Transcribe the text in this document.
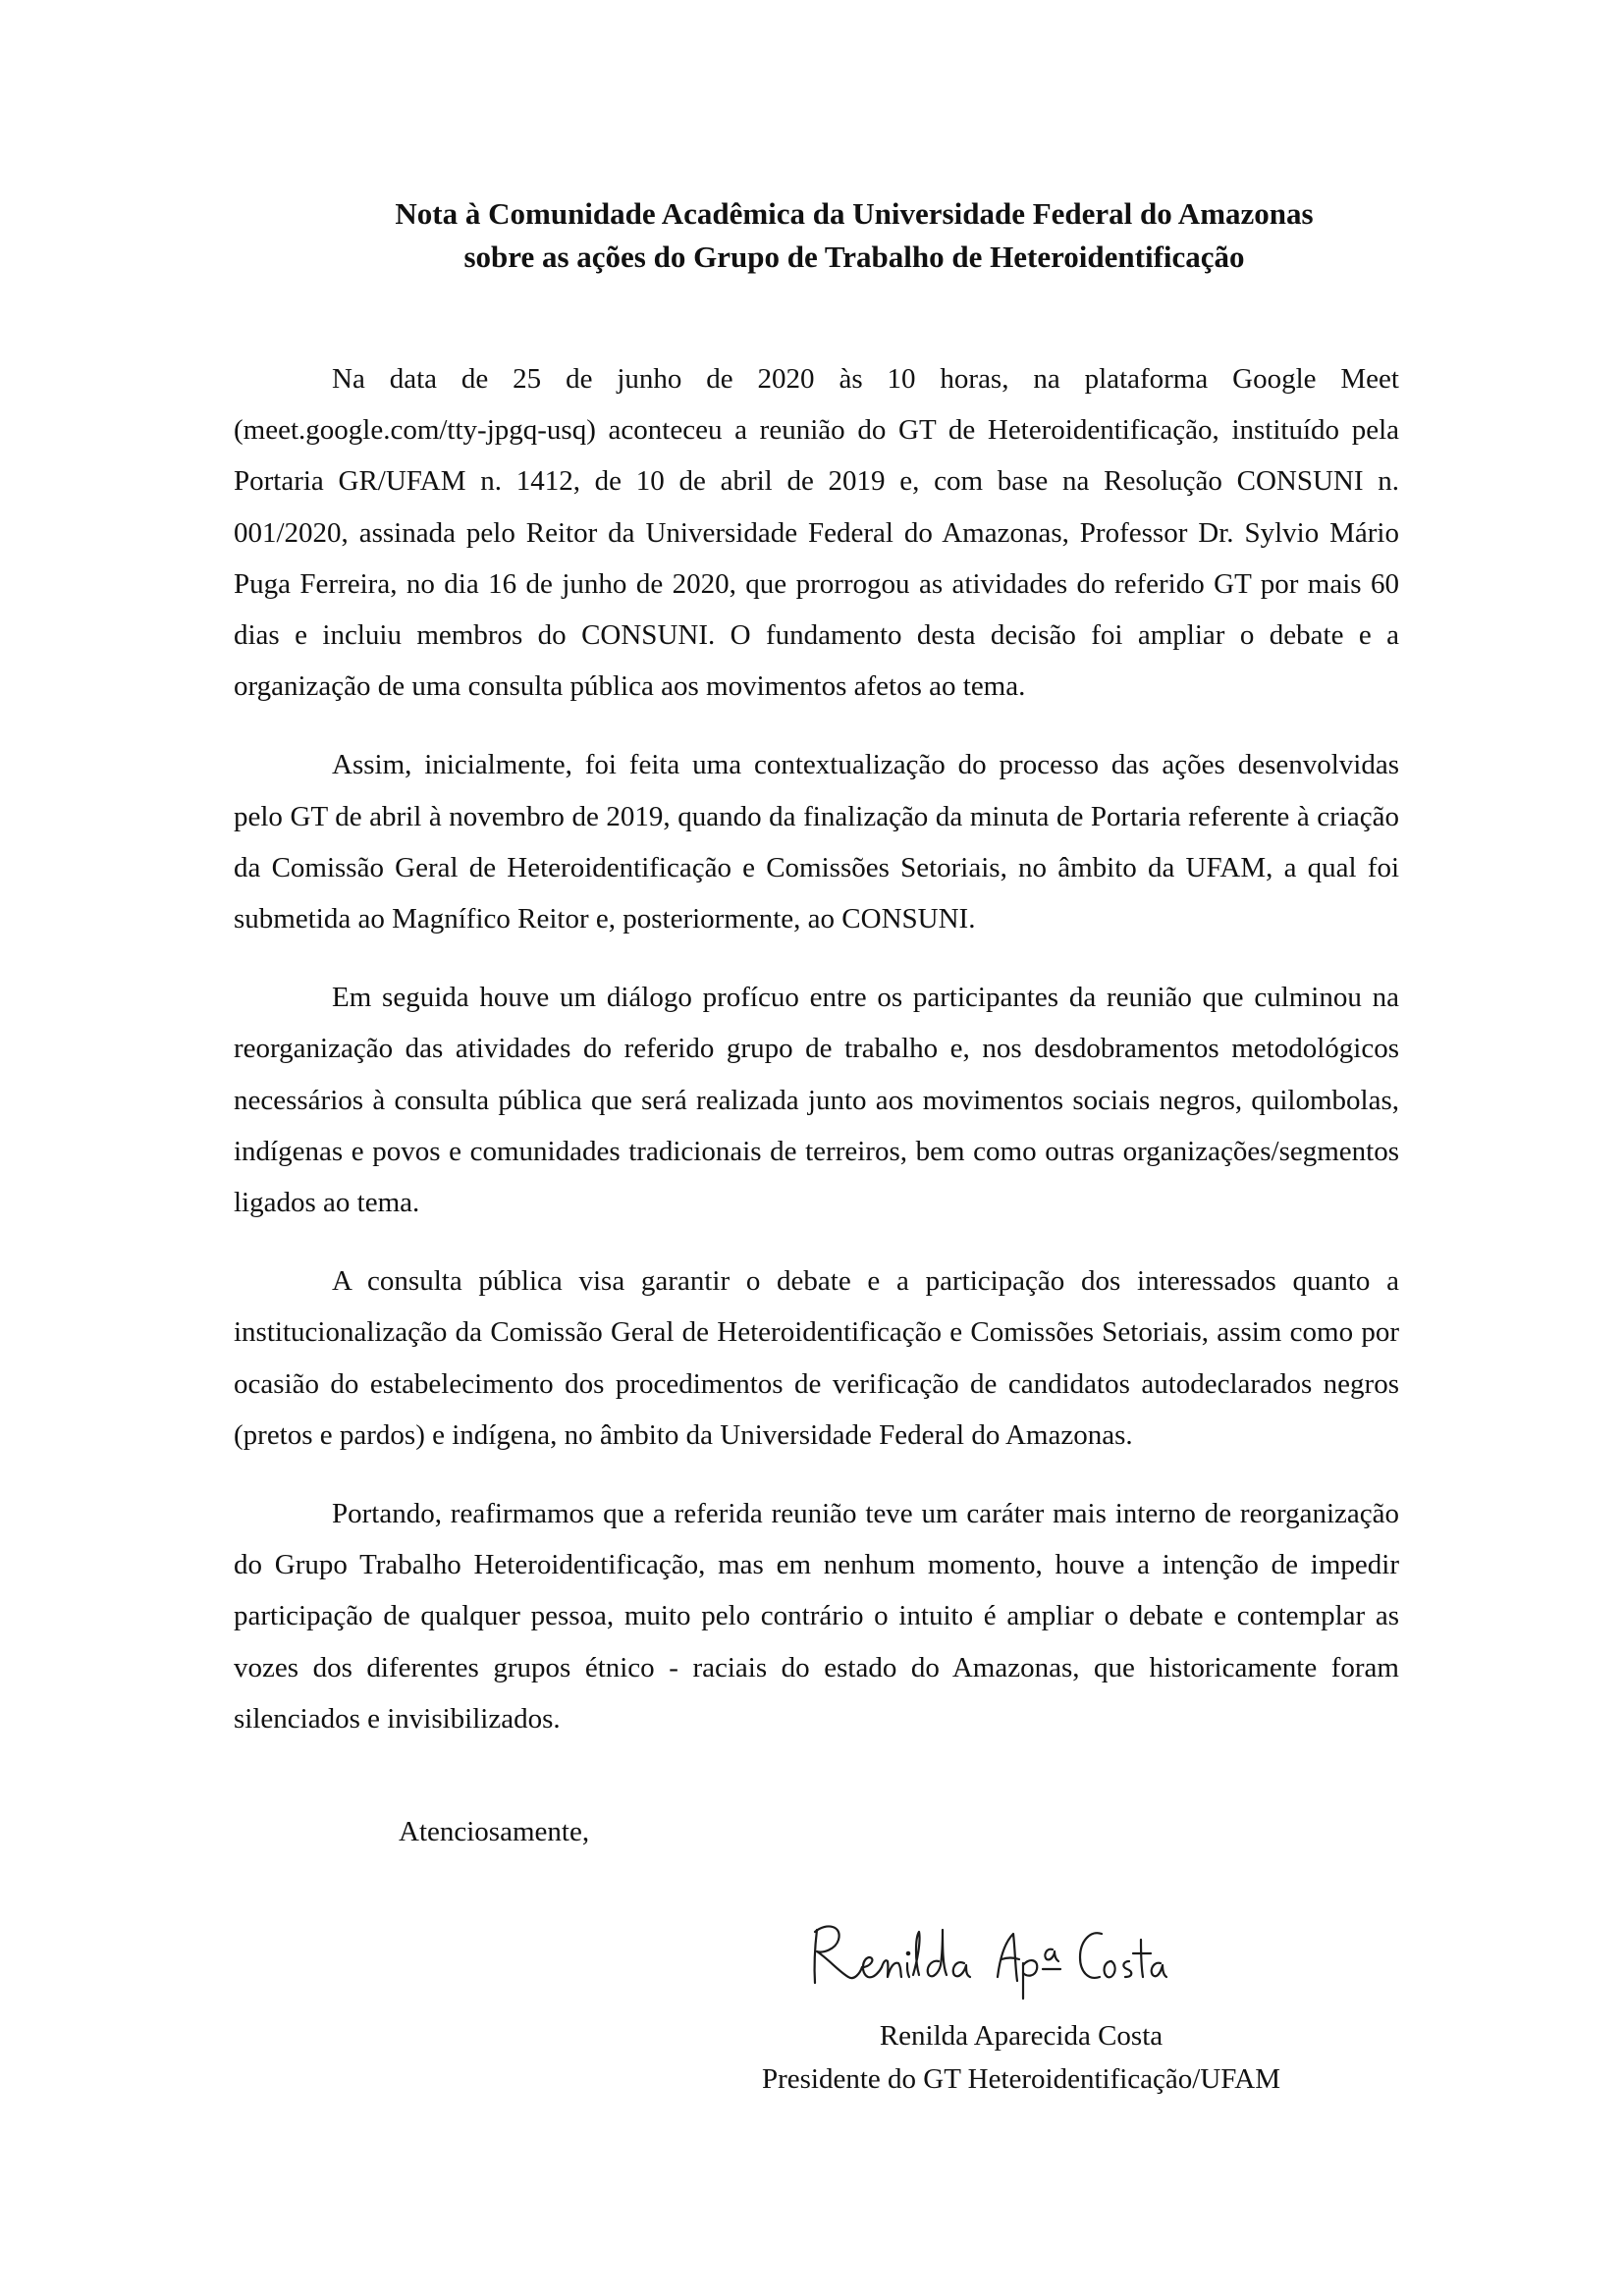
Nota à Comunidade Acadêmica da Universidade Federal do Amazonas
sobre as ações do Grupo de Trabalho de Heteroidentificação

Na data de 25 de junho de 2020 às 10 horas, na plataforma Google Meet (meet.google.com/tty-jpgq-usq) aconteceu a reunião do GT de Heteroidentificação, instituído pela Portaria GR/UFAM n. 1412, de 10 de abril de 2019 e, com base na Resolução CONSUNI n. 001/2020, assinada pelo Reitor da Universidade Federal do Amazonas, Professor Dr. Sylvio Mário Puga Ferreira, no dia 16 de junho de 2020, que prorrogou as atividades do referido GT por mais 60 dias e incluiu membros do CONSUNI. O fundamento desta decisão foi ampliar o debate e a organização de uma consulta pública aos movimentos afetos ao tema.

Assim, inicialmente, foi feita uma contextualização do processo das ações desenvolvidas pelo GT de abril à novembro de 2019, quando da finalização da minuta de Portaria referente à criação da Comissão Geral de Heteroidentificação e Comissões Setoriais, no âmbito da UFAM, a qual foi submetida ao Magnífico Reitor e, posteriormente, ao CONSUNI.

Em seguida houve um diálogo profícuo entre os participantes da reunião que culminou na reorganização das atividades do referido grupo de trabalho e, nos desdobramentos metodológicos necessários à consulta pública que será realizada junto aos movimentos sociais negros, quilombolas, indígenas e povos e comunidades tradicionais de terreiros, bem como outras organizações/segmentos ligados ao tema.

A consulta pública visa garantir o debate e a participação dos interessados quanto a institucionalização da Comissão Geral de Heteroidentificação e Comissões Setoriais, assim como por ocasião do estabelecimento dos procedimentos de verificação de candidatos autodeclarados negros (pretos e pardos) e indígena, no âmbito da Universidade Federal do Amazonas.

Portando, reafirmamos que a referida reunião teve um caráter mais interno de reorganização do Grupo Trabalho Heteroidentificação, mas em nenhum momento, houve a intenção de impedir participação de qualquer pessoa, muito pelo contrário o intuito é ampliar o debate e contemplar as vozes dos diferentes grupos étnico - raciais do estado do Amazonas, que historicamente foram silenciados e invisibilizados.

Atenciosamente,
Renilda Aparecida Costa
Presidente do GT Heteroidentificação/UFAM
